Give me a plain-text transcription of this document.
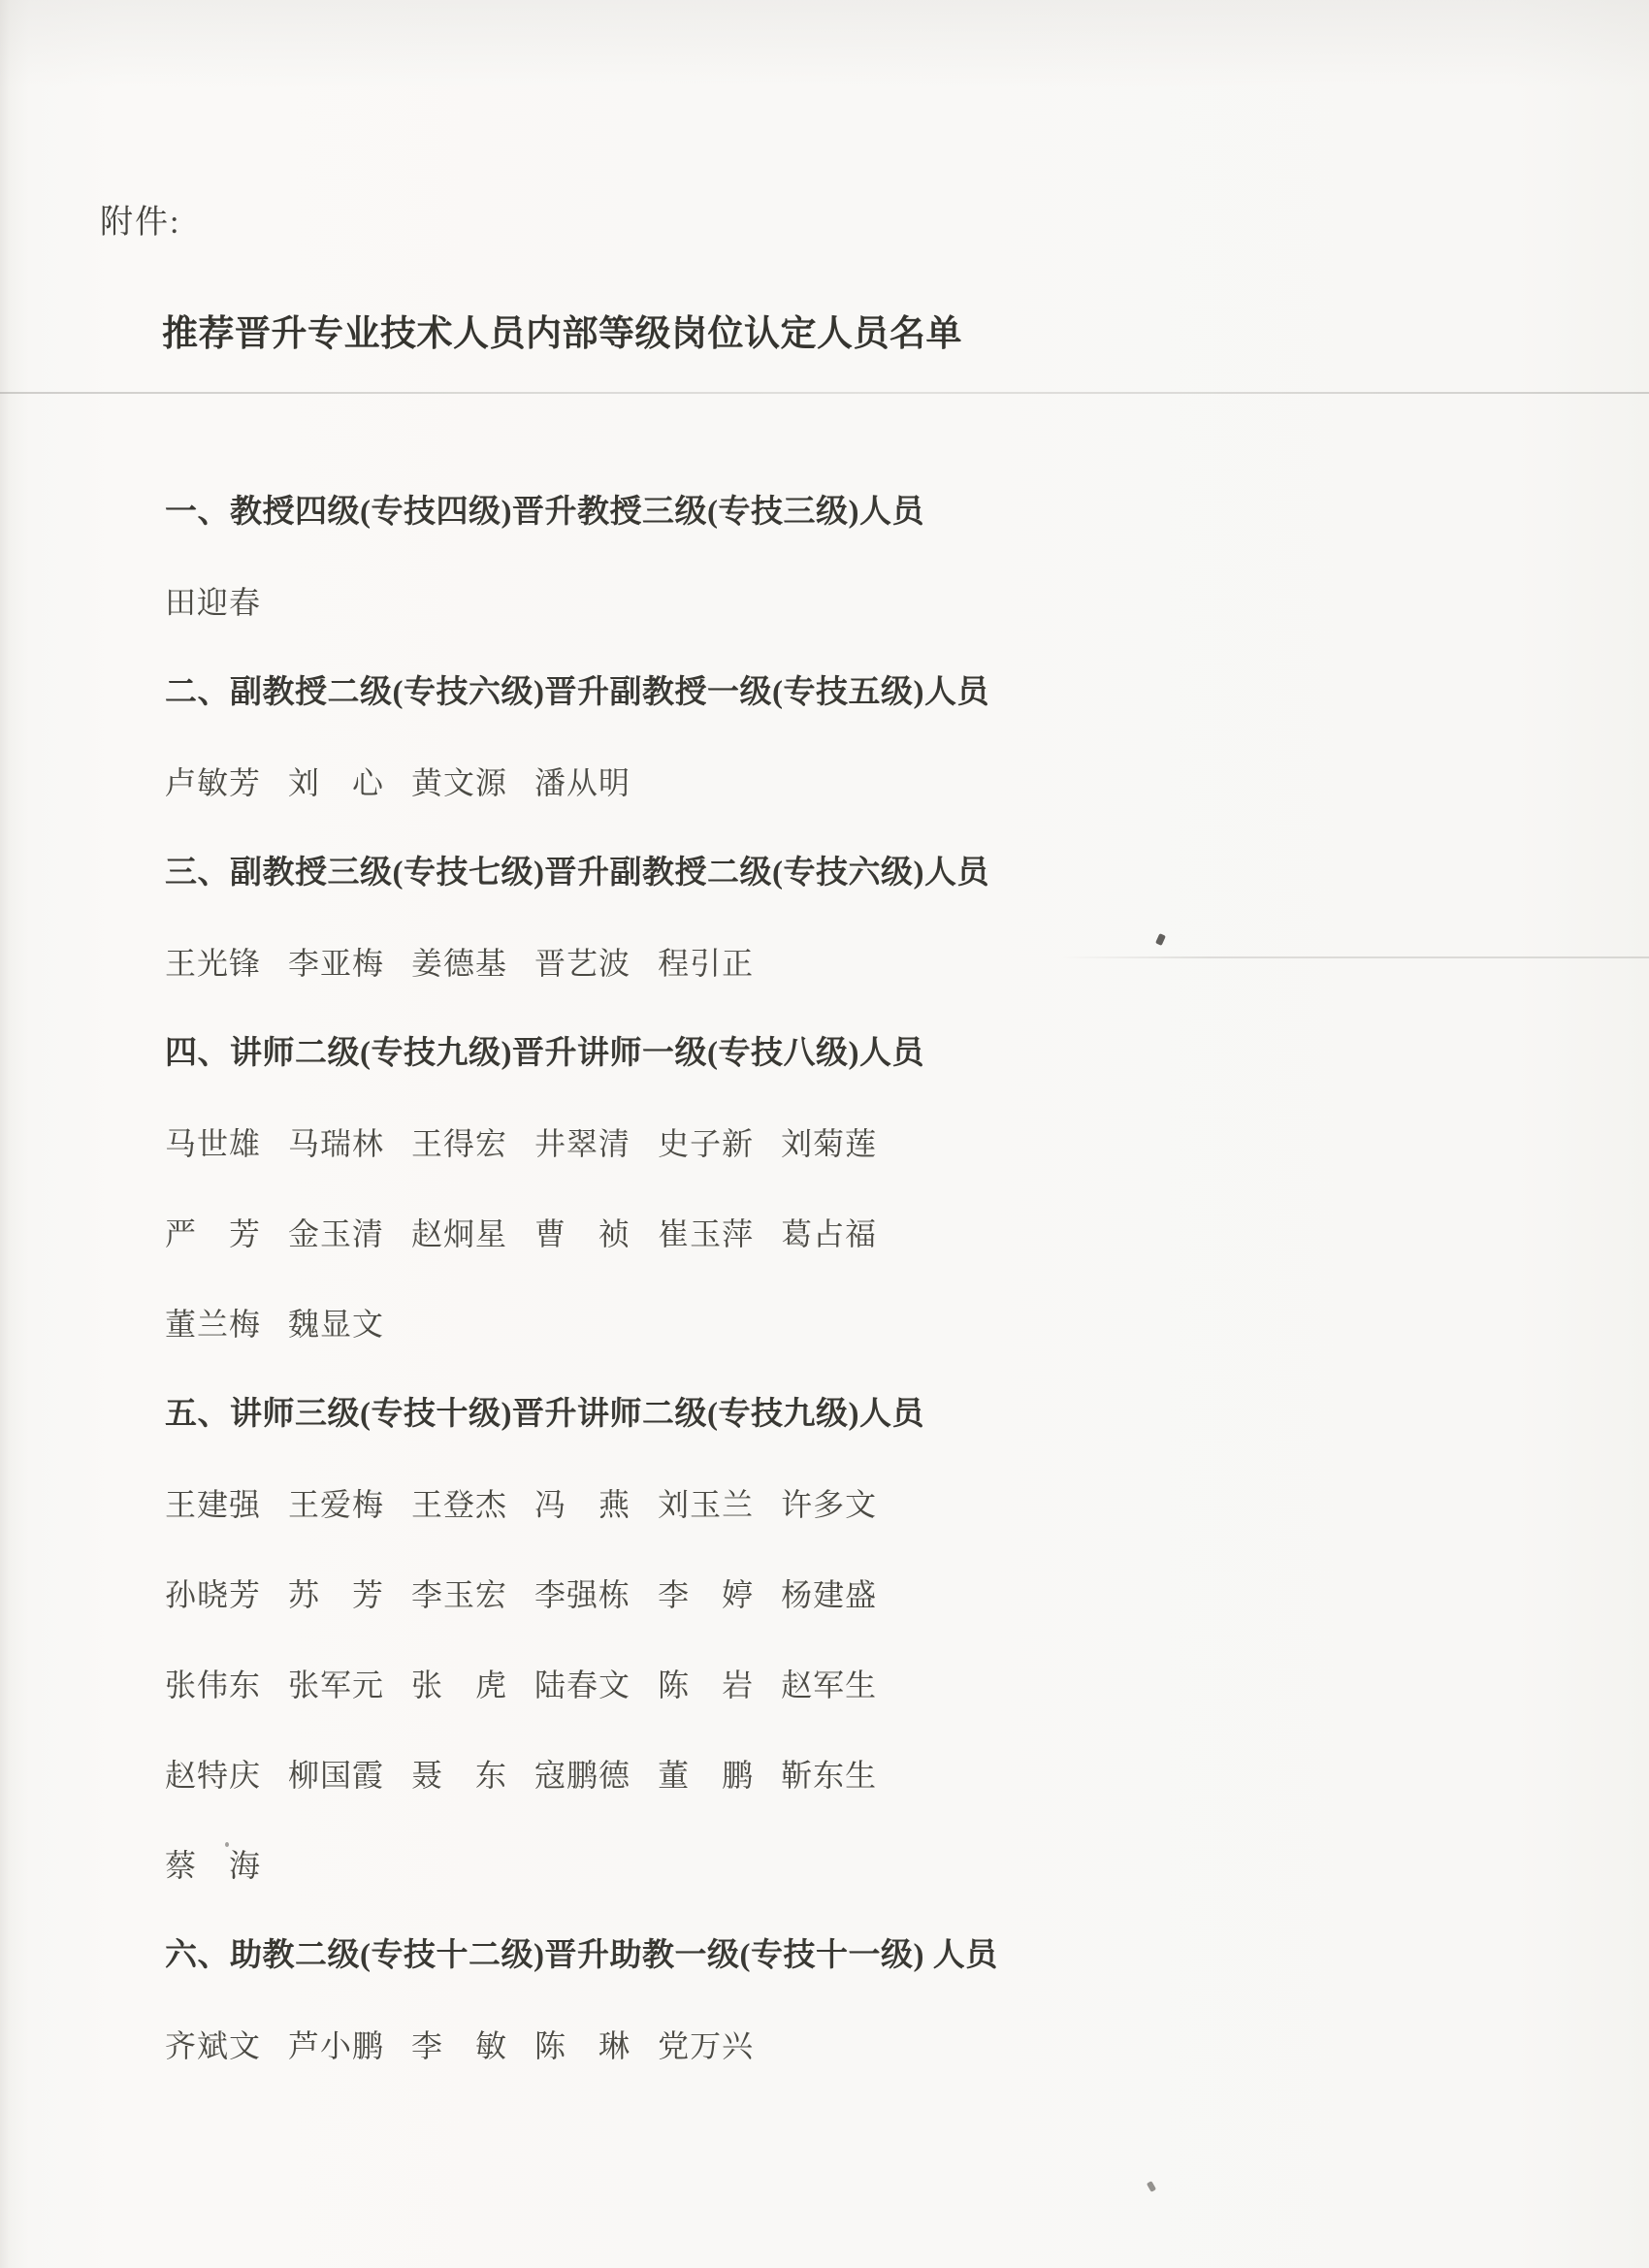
附件:
推荐晋升专业技术人员内部等级岗位认定人员名单
一、教授四级(专技四级)晋升教授三级(专技三级)人员
田迎春
二、副教授二级(专技六级)晋升副教授一级(专技五级)人员
卢敏芳 刘　心 黄文源 潘从明
三、副教授三级(专技七级)晋升副教授二级(专技六级)人员
王光锋 李亚梅 姜德基 晋艺波 程引正
四、讲师二级(专技九级)晋升讲师一级(专技八级)人员
马世雄 马瑞林 王得宏 井翠清 史子新 刘菊莲
严　芳 金玉清 赵炯星 曹　祯 崔玉萍 葛占福
董兰梅 魏显文
五、讲师三级(专技十级)晋升讲师二级(专技九级)人员
王建强 王爱梅 王登杰 冯　燕 刘玉兰 许多文
孙晓芳 苏　芳 李玉宏 李强栋 李　婷 杨建盛
张伟东 张军元 张　虎 陆春文 陈　岩 赵军生
赵特庆 柳国霞 聂　东 寇鹏德 董　鹏 靳东生
蔡　海
六、助教二级(专技十二级)晋升助教一级(专技十一级) 人员
齐斌文 芦小鹏 李　敏 陈　琳 党万兴
